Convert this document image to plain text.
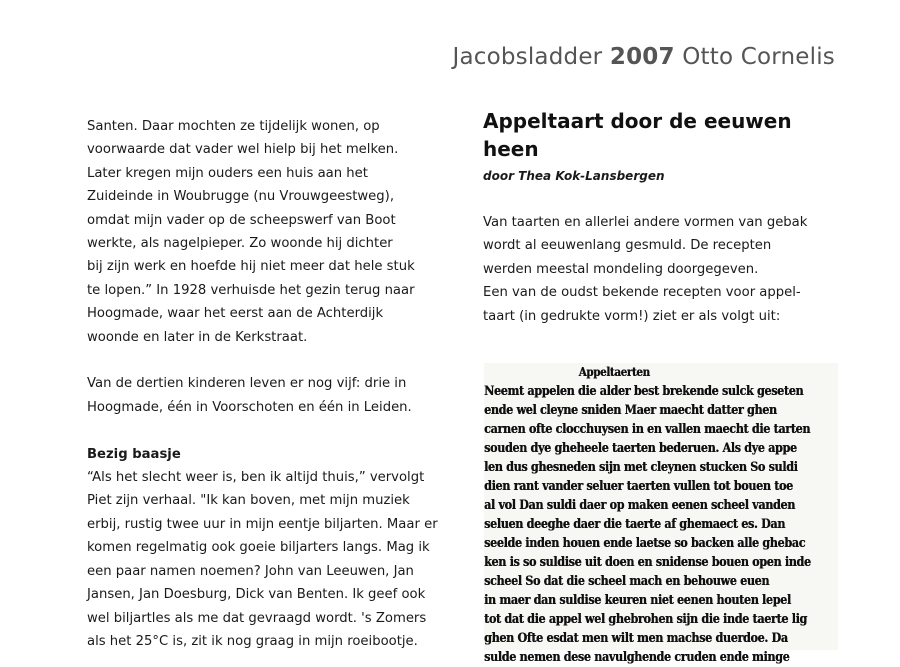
Jacobsladder 2007 Otto Cornelis

Santen. Daar mochten ze tijdelijk wonen, op
voorwaarde dat vader wel hielp bij het melken.
Later kregen mijn ouders een huis aan het
Zuideinde in Woubrugge (nu Vrouwgeestweg),
omdat mijn vader op de scheepswerf van Boot
werkte, als nagelpieper. Zo woonde hij dichter
bij zijn werk en hoefde hij niet meer dat hele stuk
te lopen.” In 1928 verhuisde het gezin terug naar
Hoogmade, waar het eerst aan de Achterdijk
woonde en later in de Kerkstraat.

Van de dertien kinderen leven er nog vijf: drie in
Hoogmade, één in Voorschoten en één in Leiden.

Bezig baasje

“Als het slecht weer is, ben ik altijd thuis,” vervolgt
Piet zijn verhaal. "Ik kan boven, met mijn muziek
erbij, rustig twee uur in mijn eentje biljarten. Maar er
komen regelmatig ook goeie biljarters langs. Mag ik
een paar namen noemen? John van Leeuwen, Jan
Jansen, Jan Doesburg, Dick van Benten. Ik geef ook
wel biljartles als me dat gevraagd wordt. 's Zomers
als het 25°C is, zit ik nog graag in mijn roeibootje.

Appeltaart door de eeuwen heen

door Thea Kok-Lansbergen

Van taarten en allerlei andere vormen van gebak
wordt al eeuwenlang gesmuld. De recepten
werden meestal mondeling doorgegeven.
Een van de oudst bekende recepten voor appel-
taart (in gedrukte vorm!) ziet er als volgt uit:
Appeltaerten
Neemt appelen die alder best brekende sulck geseten
ende wel cleyne sniden Maer maecht datter ghen
carnen ofte clocchuysen in en vallen maecht die tarten
souden dye gheheele taerten bederuen. Als dye appe
len dus ghesneden sijn met cleynen stucken So suldi
dien rant vander seluer taerten vullen tot bouen toe
al vol Dan suldi daer op maken eenen scheel vanden
seluen deeghe daer die taerte af ghemaect es. Dan
seelde inden houen ende laetse so backen alle ghebac
ken is so suldise uit doen en snidense bouen open inde
scheel So dat die scheel mach en behouwe euen
in maer dan suldise keuren niet eenen houten lepel
tot dat die appel wel ghebrohen sijn die inde taerte lig
ghen Ofte esdat men wilt men machse duerdoe. Da
sulde nemen dese navulghende cruden ende minge
